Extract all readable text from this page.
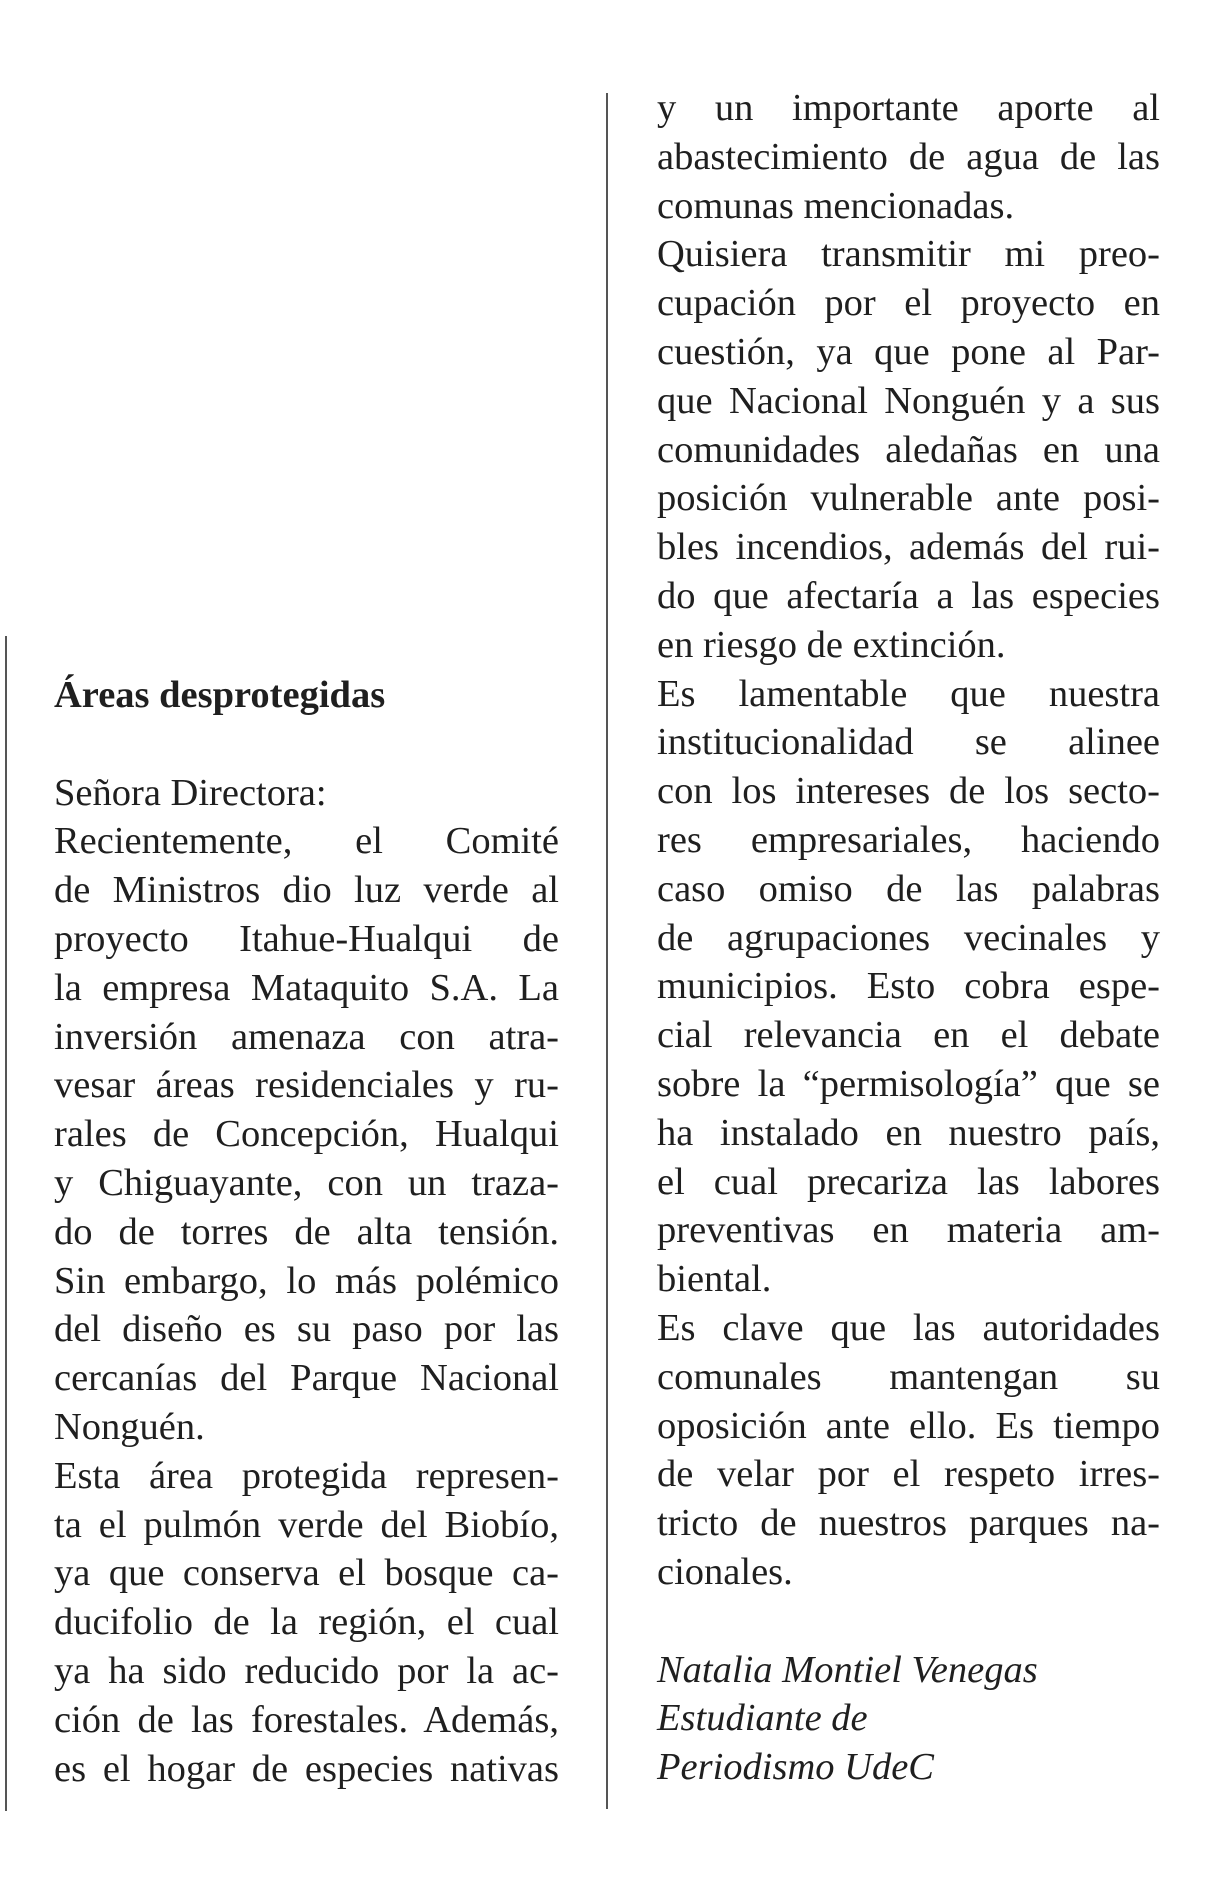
Áreas desprotegidas
Señora Directora:
Recientemente, el Comité
de Ministros dio luz verde al
proyecto Itahue-Hualqui de
la empresa Mataquito S.A. La
inversión amenaza con atra-
vesar áreas residenciales y ru-
rales de Concepción, Hualqui
y Chiguayante, con un traza-
do de torres de alta tensión.
Sin embargo, lo más polémico
del diseño es su paso por las
cercanías del Parque Nacional
Nonguén.
Esta área protegida represen-
ta el pulmón verde del Biobío,
ya que conserva el bosque ca-
ducifolio de la región, el cual
ya ha sido reducido por la ac-
ción de las forestales. Además,
es el hogar de especies nativas
y un importante aporte al
abastecimiento de agua de las
comunas mencionadas.
Quisiera transmitir mi preo-
cupación por el proyecto en
cuestión, ya que pone al Par-
que Nacional Nonguén y a sus
comunidades aledañas en una
posición vulnerable ante posi-
bles incendios, además del rui-
do que afectaría a las especies
en riesgo de extinción.
Es lamentable que nuestra
institucionalidad se alinee
con los intereses de los secto-
res empresariales, haciendo
caso omiso de las palabras
de agrupaciones vecinales y
municipios. Esto cobra espe-
cial relevancia en el debate
sobre la “permisología” que se
ha instalado en nuestro país,
el cual precariza las labores
preventivas en materia am-
biental.
Es clave que las autoridades
comunales mantengan su
oposición ante ello. Es tiempo
de velar por el respeto irres-
tricto de nuestros parques na-
cionales.
Natalia Montiel Venegas
Estudiante de
Periodismo UdeC
